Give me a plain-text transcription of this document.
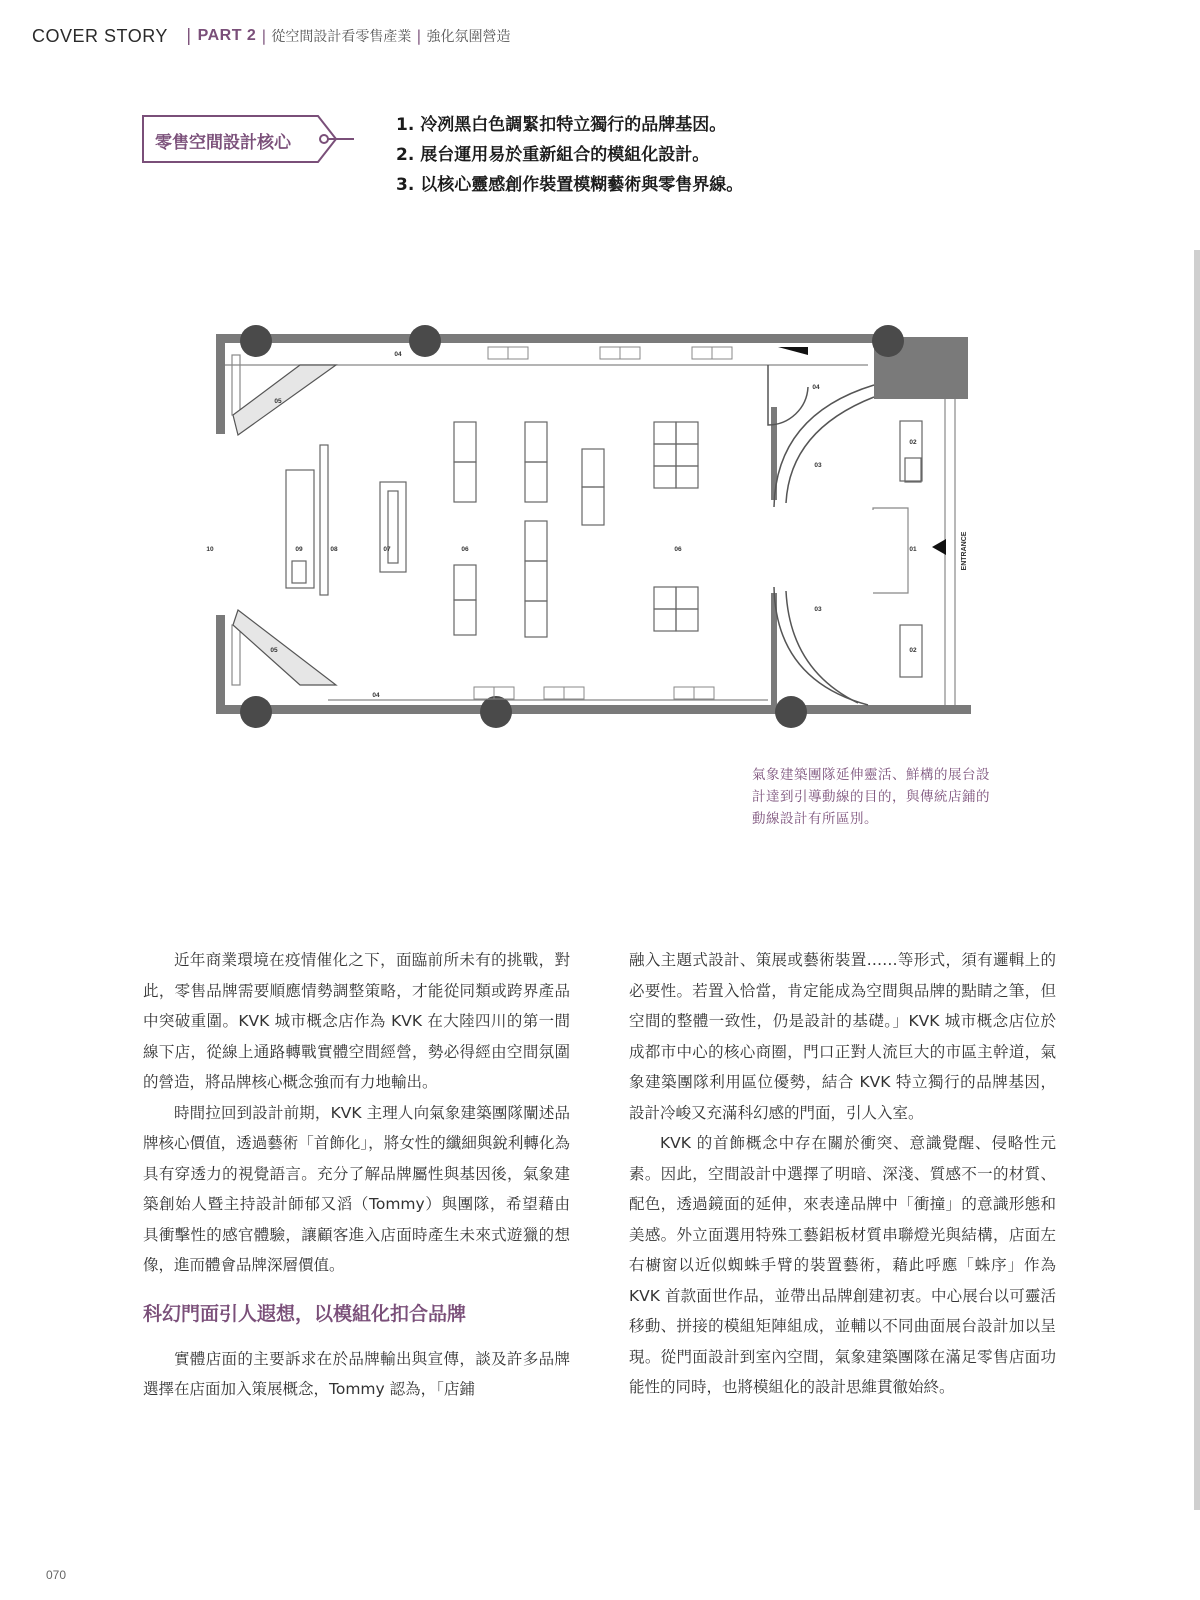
COVER STORY | PART 2 | 從空間設計看零售產業 | 強化氛圍營造
零售空間設計核心
1. 冷冽黑白色調緊扣特立獨行的品牌基因。
2. 展台運用易於重新組合的模組化設計。
3. 以核心靈感創作裝置模糊藝術與零售界線。
10	09	08	07	06	06
05
05
04
04
04
03
03
02
02
01	ENTRANCE
氣象建築團隊延伸靈活、鮮構的展台設計達到引導動線的目的，與傳統店鋪的動線設計有所區別。

近年商業環境在疫情催化之下，面臨前所未有的挑戰，對此，零售品牌需要順應情勢調整策略，才能從同類或跨界產品中突破重圍。KVK 城市概念店作為 KVK 在大陸四川的第一間線下店，從線上通路轉戰實體空間經營，勢必得經由空間氛圍的營造，將品牌核心概念強而有力地輸出。

時間拉回到設計前期，KVK 主理人向氣象建築團隊闡述品牌核心價值，透過藝術「首飾化」，將女性的纖細與銳利轉化為具有穿透力的視覺語言。充分了解品牌屬性與基因後，氣象建築創始人暨主持設計師郁又滔（Tommy）與團隊，希望藉由具衝擊性的感官體驗，讓顧客進入店面時產生未來式遊獵的想像，進而體會品牌深層價值。

科幻門面引人遐想，以模組化扣合品牌

實體店面的主要訴求在於品牌輸出與宣傳，談及許多品牌選擇在店面加入策展概念，Tommy 認為，「店鋪

融入主題式設計、策展或藝術裝置……等形式，須有邏輯上的必要性。若置入恰當，肯定能成為空間與品牌的點睛之筆，但空間的整體一致性，仍是設計的基礎。」KVK 城市概念店位於成都市中心的核心商圈，門口正對人流巨大的市區主幹道，氣象建築團隊利用區位優勢，結合 KVK 特立獨行的品牌基因，設計冷峻又充滿科幻感的門面，引人入室。

KVK 的首飾概念中存在關於衝突、意識覺醒、侵略性元素。因此，空間設計中選擇了明暗、深淺、質感不一的材質、配色，透過鏡面的延伸，來表達品牌中「衝撞」的意識形態和美感。外立面選用特殊工藝鋁板材質串聯燈光與結構，店面左右櫥窗以近似蜘蛛手臂的裝置藝術，藉此呼應「蛛序」作為 KVK 首款面世作品，並帶出品牌創建初衷。中心展台以可靈活移動、拼接的模組矩陣組成，並輔以不同曲面展台設計加以呈現。從門面設計到室內空間，氣象建築團隊在滿足零售店面功能性的同時，也將模組化的設計思維貫徹始終。

070
